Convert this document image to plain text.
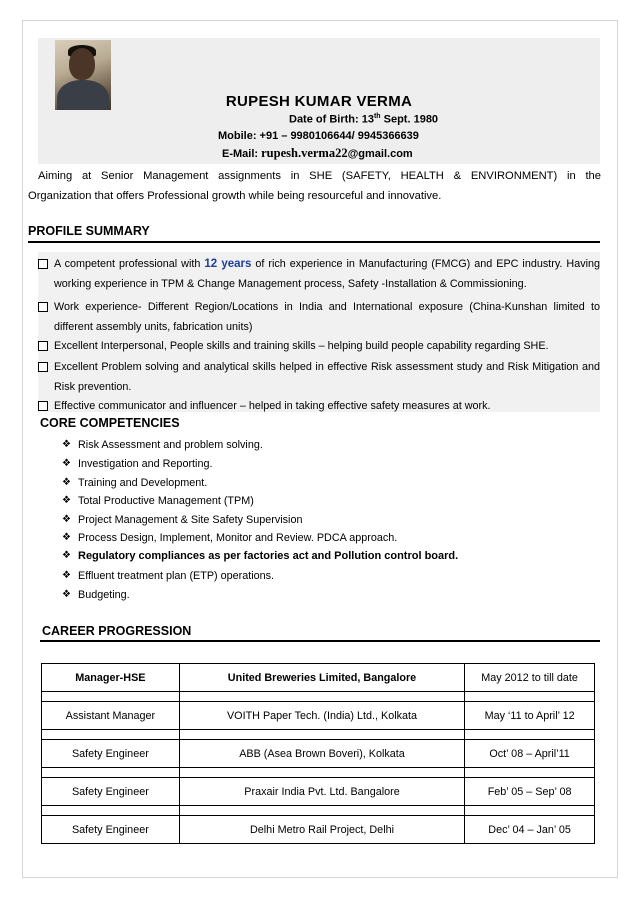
RUPESH KUMAR VERMA
Date of Birth: 13th Sept. 1980
Mobile: +91 – 9980106644/ 9945366639
E-Mail: rupesh.verma22@gmail.com
Aiming at Senior Management assignments in SHE (SAFETY, HEALTH & ENVIRONMENT) in the
Organization that offers Professional growth while being resourceful and innovative.
PROFILE SUMMARY
A competent professional with 12 years of rich experience in Manufacturing (FMCG) and EPC industry. Having
working experience in TPM & Change Management process, Safety -Installation & Commissioning.
Work experience- Different Region/Locations in India and International exposure (China-Kunshan limited to
different assembly units, fabrication units)
Excellent Interpersonal, People skills and training skills – helping build people capability regarding SHE.
Excellent Problem solving and analytical skills helped in effective Risk assessment study and Risk Mitigation and
Risk prevention.
Effective communicator and influencer – helped in taking effective safety measures at work.
CORE COMPETENCIES
❖ Risk Assessment and problem solving.
❖ Investigation and Reporting.
❖ Training and Development.
❖ Total Productive Management (TPM)
❖ Project Management & Site Safety Supervision
❖ Process Design, Implement, Monitor and Review. PDCA approach.
❖ Regulatory compliances as per factories act and Pollution control board.
❖ Effluent treatment plan (ETP) operations.
❖ Budgeting.
CAREER PROGRESSION
Manager-HSE	United Breweries Limited, Bangalore	May 2012 to till date

Assistant Manager	VOITH Paper Tech. (India) Ltd., Kolkata	May ‘11 to April’ 12

Safety Engineer	ABB (Asea Brown Boveri), Kolkata	Oct’ 08 – April’11

Safety Engineer	Praxair India Pvt. Ltd. Bangalore	Feb’ 05 – Sep’ 08

Safety Engineer	Delhi Metro Rail Project, Delhi	Dec’ 04 – Jan’ 05
